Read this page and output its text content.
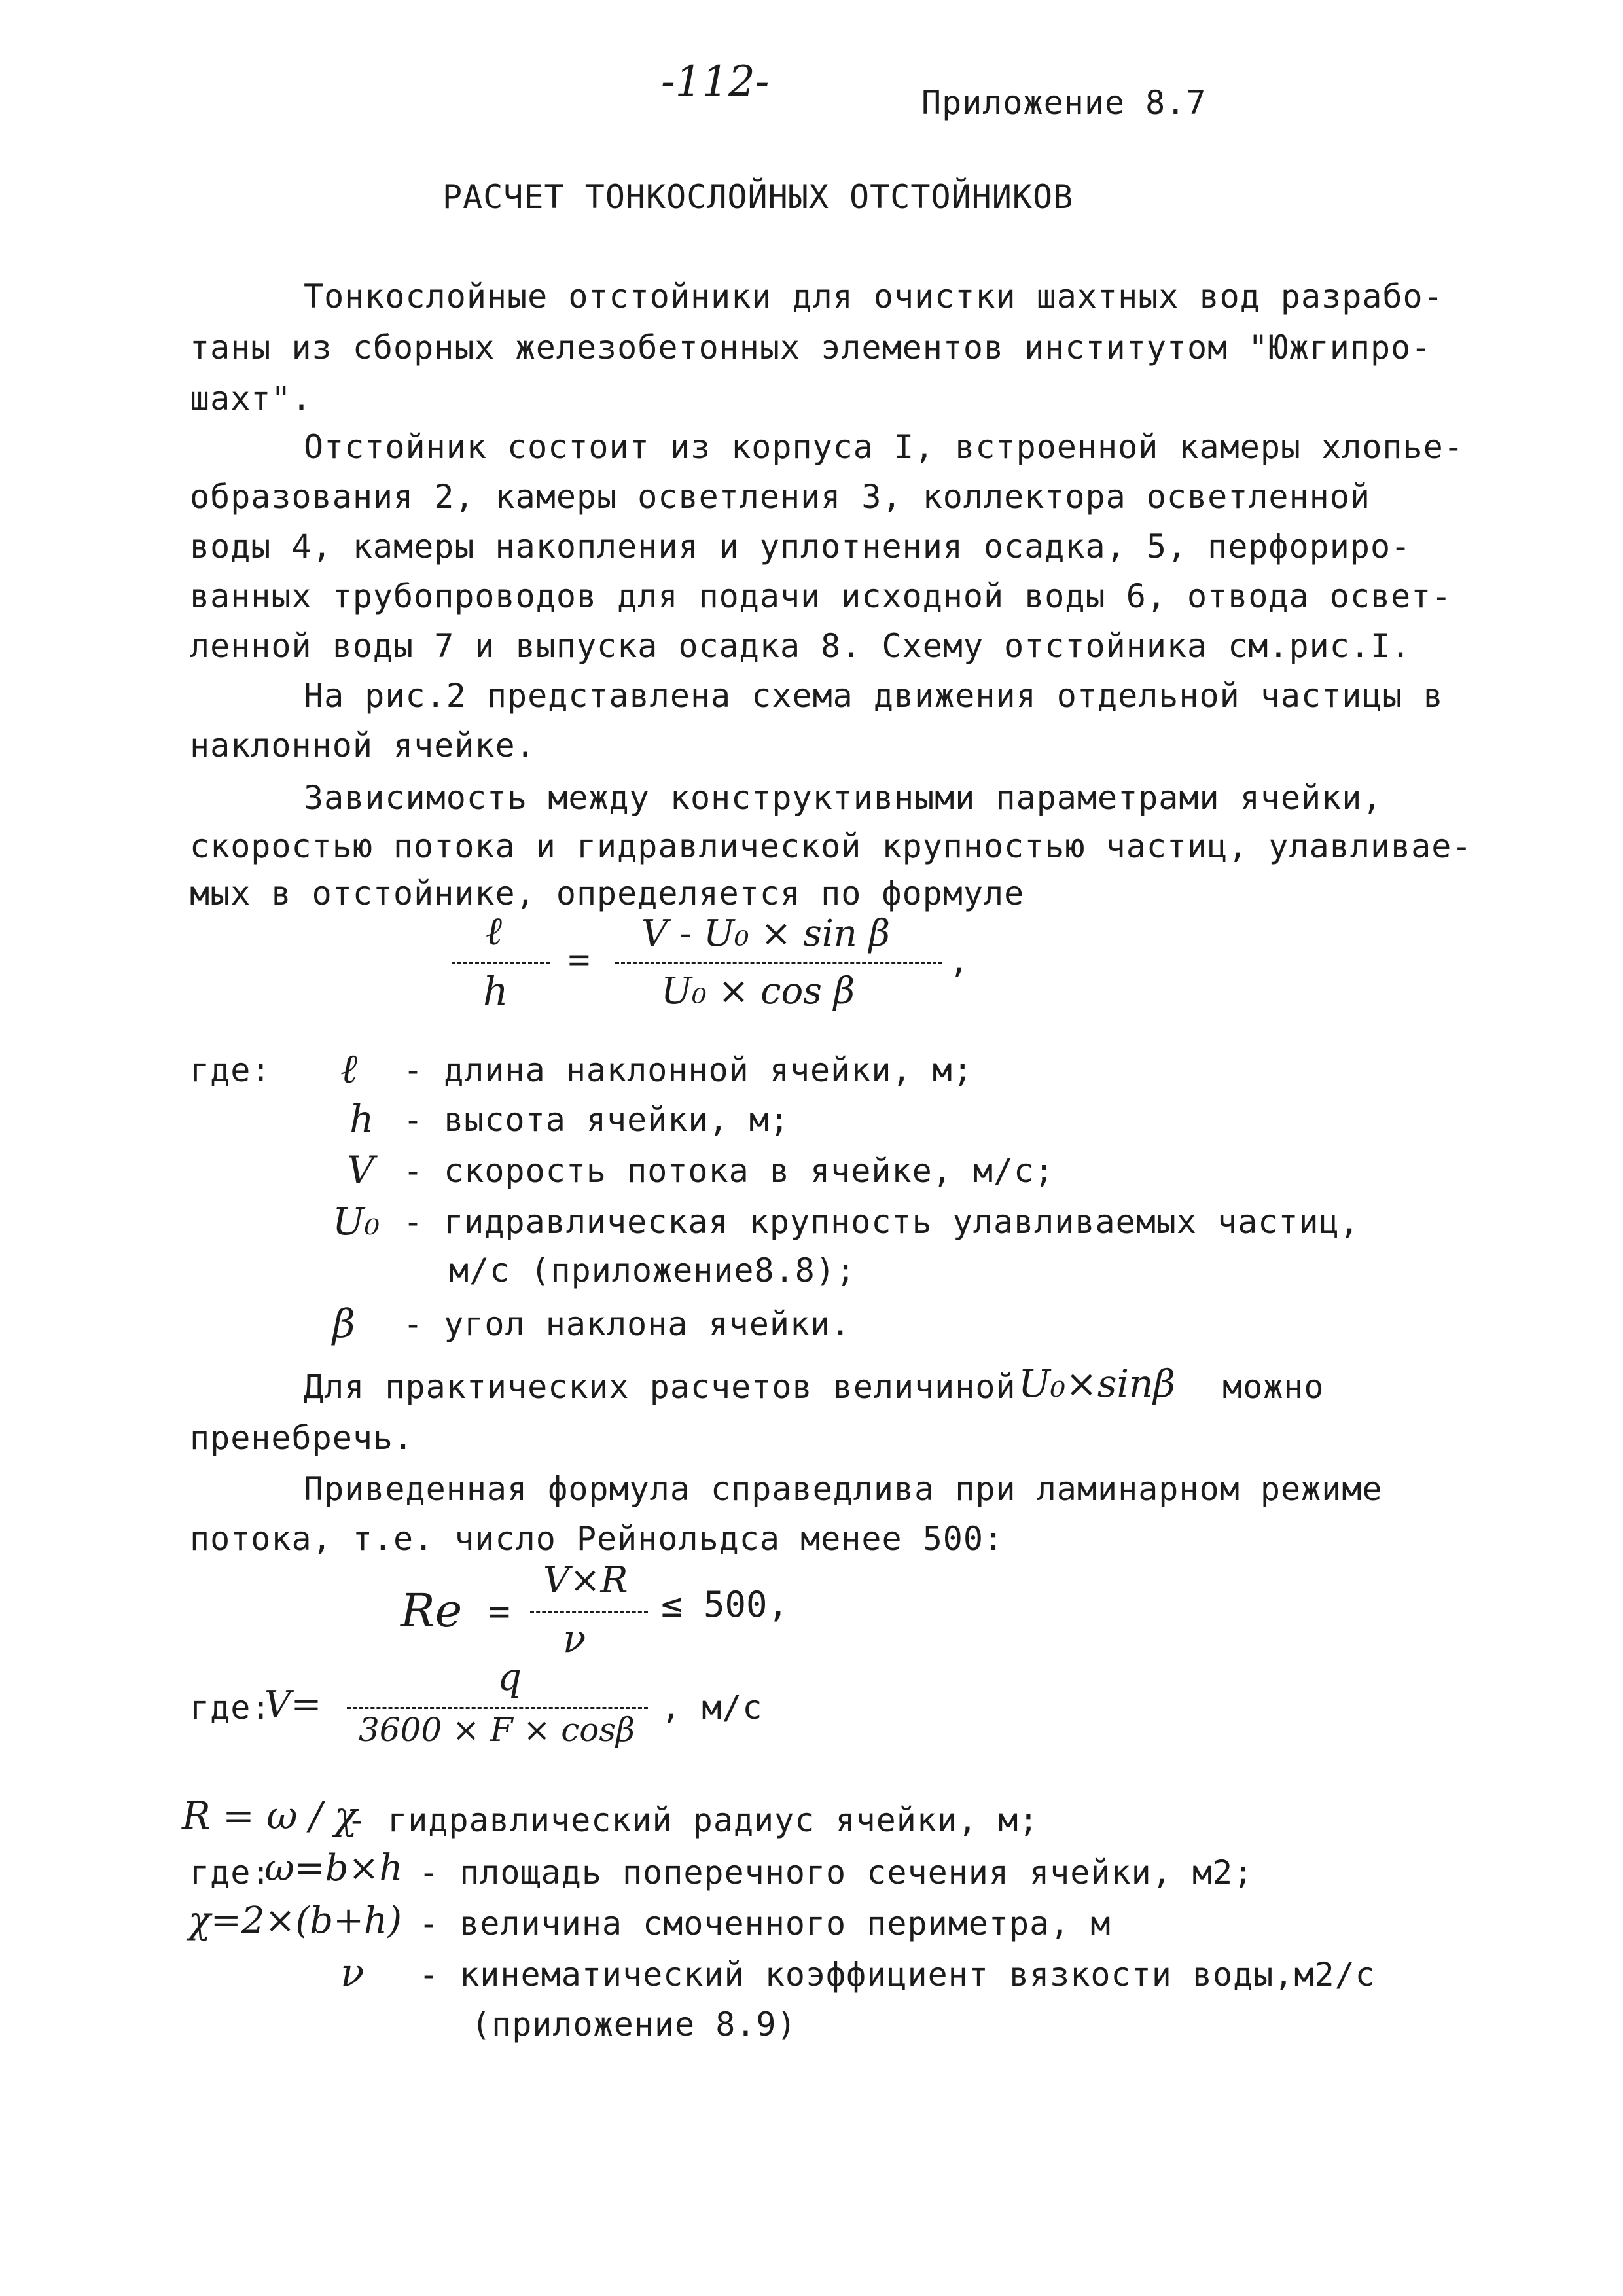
-112-	Приложение 8.7
РАСЧЕТ ТОНКОСЛОЙНЫХ ОТСТОЙНИКОВ
Тонкослойные отстойники для очистки шахтных вод разрабо-
таны из сборных железобетонных элементов институтом "Южгипро-
шахт".
Отстойник состоит из корпуса I, встроенной камеры хлопье-
образования 2, камеры осветления 3, коллектора осветленной
воды 4, камеры накопления и уплотнения осадка, 5, перфориро-
ванных трубопроводов для подачи исходной воды 6, отвода освет-
ленной воды 7 и выпуска осадка 8. Схему отстойника см.рис.I.
На рис.2 представлена схема движения отдельной частицы в
наклонной ячейке.
Зависимость между конструктивными параметрами ячейки,
скоростью потока и гидравлической крупностью частиц, улавливае-
мых в отстойнике, определяется по формуле
ℓ
h
=
V - U₀ × sin β
U₀ × cos β
,
где: ℓ - длина наклонной ячейки, м;
h - высота ячейки, м;
V - скорость потока в ячейке, м/с;
U₀ - гидравлическая крупность улавливаемых частиц,
м/с (приложение8.8);
β - угол наклона ячейки.
Для практических расчетов величиной U₀×sinβ можно
пренебречь.
Приведенная формула справедлива при ламинарном режиме
потока, т.е. число Рейнольдса менее 500:
Re =
V×R
ν
≤ 500,
где:
V=
q
3600 × F × cosβ
, м/с
R = ω / χ
- гидравлический радиус ячейки, м;
где:
ω=b×h - площадь поперечного сечения ячейки, м2;
χ=2×(b+h) - величина смоченного периметра, м
ν - кинематический коэффициент вязкости воды,м2/с
(приложение 8.9)
